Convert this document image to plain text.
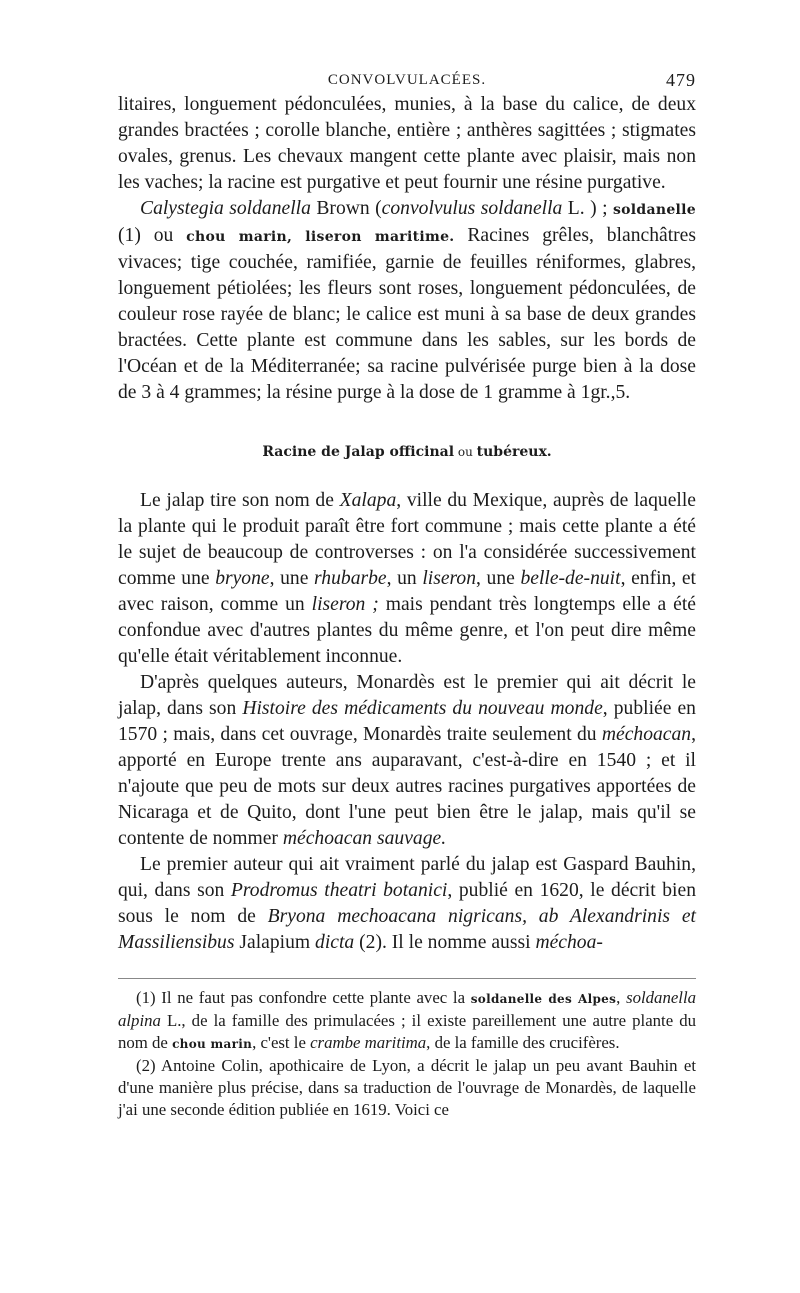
CONVOLVULACÉES.	479

litaires, longuement pédonculées, munies, à la base du calice, de deux grandes bractées ; corolle blanche, entière ; anthères sagittées ; stigmates ovales, grenus. Les chevaux mangent cette plante avec plaisir, mais non les vaches; la racine est purgative et peut fournir une résine purgative.

Calystegia soldanella Brown (convolvulus soldanella L. ) ; soldanelle (1) ou chou marin, liseron maritime. Racines grêles, blanchâtres vivaces; tige couchée, ramifiée, garnie de feuilles réniformes, glabres, longuement pétiolées; les fleurs sont roses, longuement pédonculées, de couleur rose rayée de blanc; le calice est muni à sa base de deux grandes bractées. Cette plante est commune dans les sables, sur les bords de l'Océan et de la Méditerranée; sa racine pulvérisée purge bien à la dose de 3 à 4 grammes; la résine purge à la dose de 1 gramme à 1gr.,5.

Racine de Jalap officinal ou tubéreux.

Le jalap tire son nom de Xalapa, ville du Mexique, auprès de laquelle la plante qui le produit paraît être fort commune ; mais cette plante a été le sujet de beaucoup de controverses : on l'a considérée successivement comme une bryone, une rhubarbe, un liseron, une belle-de-nuit, enfin, et avec raison, comme un liseron ; mais pendant très longtemps elle a été confondue avec d'autres plantes du même genre, et l'on peut dire même qu'elle était véritablement inconnue.

D'après quelques auteurs, Monardès est le premier qui ait décrit le jalap, dans son Histoire des médicaments du nouveau monde, publiée en 1570 ; mais, dans cet ouvrage, Monardès traite seulement du méchoacan, apporté en Europe trente ans auparavant, c'est-à-dire en 1540 ; et il n'ajoute que peu de mots sur deux autres racines purgatives apportées de Nicaraga et de Quito, dont l'une peut bien être le jalap, mais qu'il se contente de nommer méchoacan sauvage.

Le premier auteur qui ait vraiment parlé du jalap est Gaspard Bauhin, qui, dans son Prodromus theatri botanici, publié en 1620, le décrit bien sous le nom de Bryona mechoacana nigricans, ab Alexandrinis et Massiliensibus Jalapium dicta (2). Il le nomme aussi méchoa-

(1) Il ne faut pas confondre cette plante avec la soldanelle des Alpes, soldanella alpina L., de la famille des primulacées ; il existe pareillement une autre plante du nom de chou marin, c'est le crambe maritima, de la famille des crucifères.

(2) Antoine Colin, apothicaire de Lyon, a décrit le jalap un peu avant Bauhin et d'une manière plus précise, dans sa traduction de l'ouvrage de Monardès, de laquelle j'ai une seconde édition publiée en 1619. Voici ce
